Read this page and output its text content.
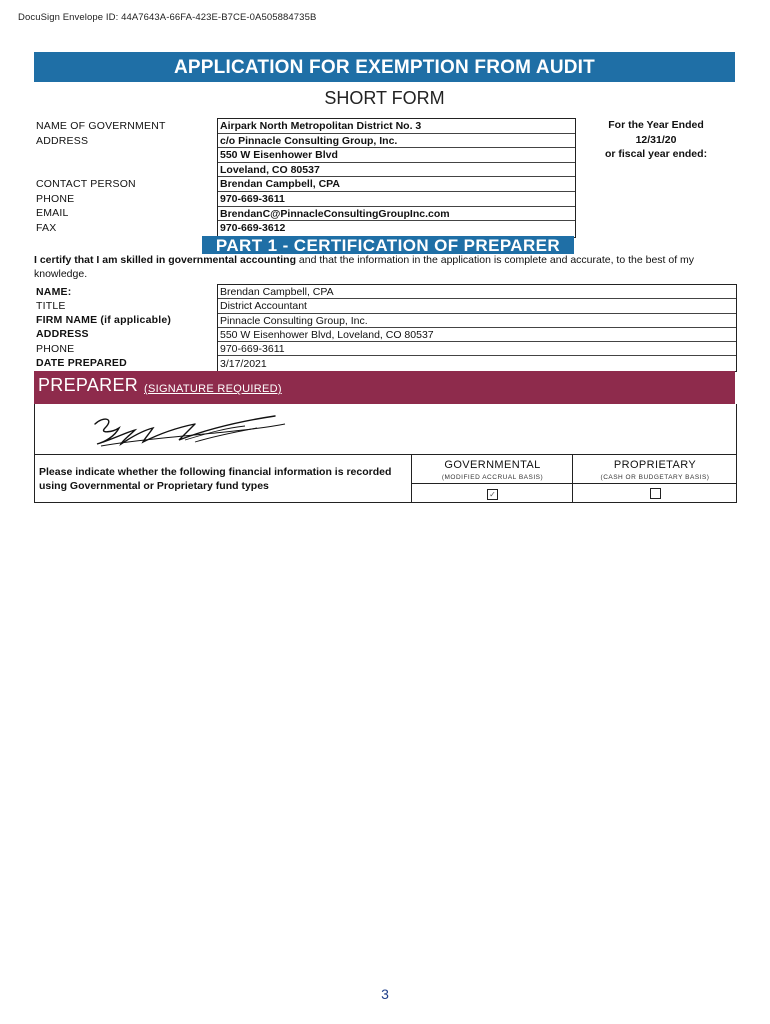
DocuSign Envelope ID: 44A7643A-66FA-423E-B7CE-0A505884735B
APPLICATION FOR EXEMPTION FROM AUDIT
SHORT FORM
NAME OF GOVERNMENT
ADDRESS
CONTACT PERSON
PHONE
EMAIL
FAX
Airpark North Metropolitan District No. 3
c/o Pinnacle Consulting Group, Inc.
550 W Eisenhower Blvd
Loveland, CO 80537
Brendan Campbell, CPA
970-669-3611
BrendanC@PinnacleConsultingGroupInc.com
970-669-3612
For the Year Ended
12/31/20
or fiscal year ended:
PART 1 - CERTIFICATION OF PREPARER
I certify that I am skilled in governmental accounting and that the information in the application is complete and accurate, to the best of my knowledge.
NAME:
TITLE
FIRM NAME (if applicable)
ADDRESS
PHONE
DATE PREPARED
Brendan Campbell, CPA
District Accountant
Pinnacle Consulting Group, Inc.
550 W Eisenhower Blvd, Loveland, CO 80537
970-669-3611
3/17/2021
PREPARER (SIGNATURE REQUIRED)
Please indicate whether the following financial information is recorded using Governmental or Proprietary fund types
GOVERNMENTAL
(MODIFIED ACCRUAL BASIS)
✓
PROPRIETARY
(CASH OR BUDGETARY BASIS)
3
